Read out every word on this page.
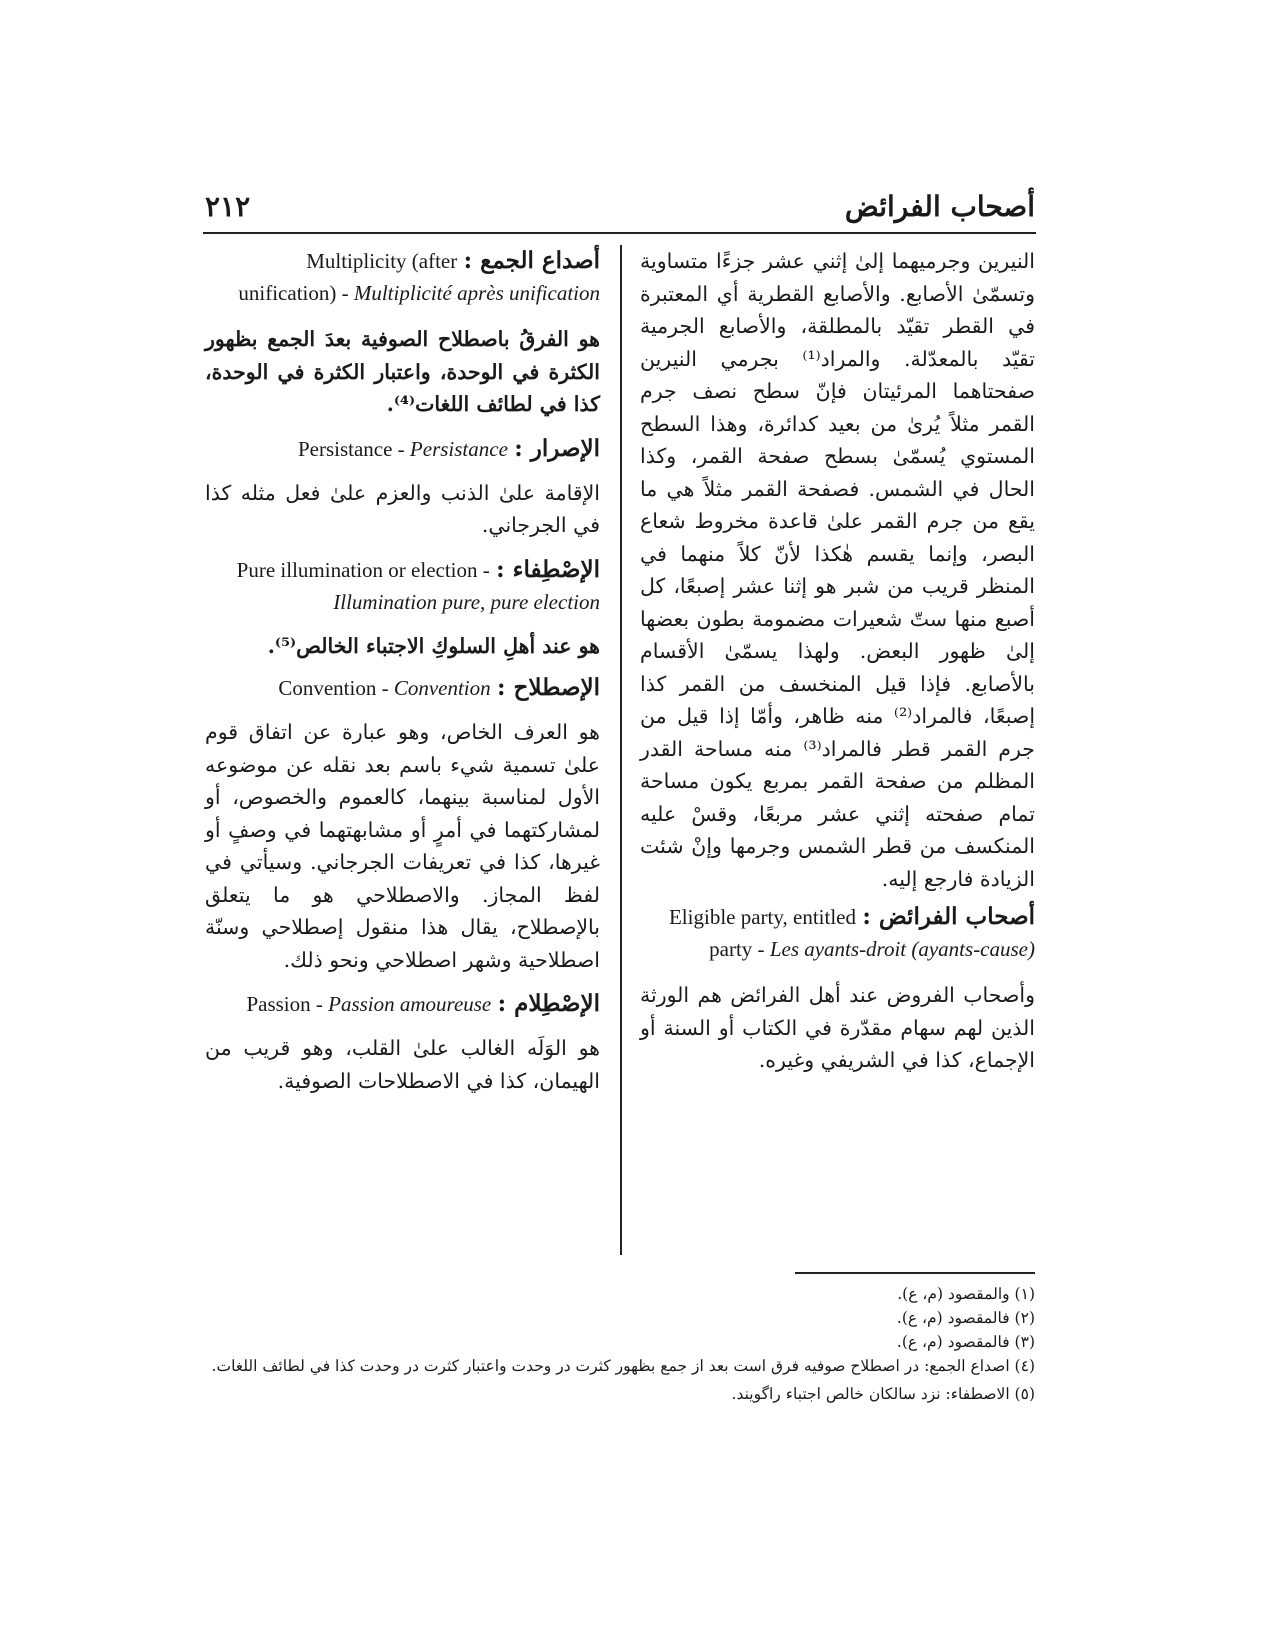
أصحاب الفرائض
٢١٢
النيرين وجرميهما إلىٰ إثني عشر جزءًا متساوية وتسمّىٰ الأصابع. والأصابع القطرية أي المعتبرة في القطر تقيّد بالمطلقة، والأصابع الجرمية تقيّد بالمعدّلة. والمراد⁽¹⁾ بجرمي النيرين صفحتاهما المرئيتان فإنّ سطح نصف جرم القمر مثلاً يُرىٰ من بعيد كدائرة، وهذا السطح المستوي يُسمّىٰ بسطح صفحة القمر، وكذا الحال في الشمس. فصفحة القمر مثلاً هي ما يقع من جرم القمر علىٰ قاعدة مخروط شعاع البصر، وإنما يقسم هٰكذا لأنّ كلاً منهما في المنظر قريب من شبر هو إثنا عشر إصبعًا، كل أصبع منها ستّ شعيرات مضمومة بطون بعضها إلىٰ ظهور البعض. ولهذا يسمّىٰ الأقسام بالأصابع. فإذا قيل المنخسف من القمر كذا إصبعًا، فالمراد⁽²⁾ منه ظاهر، وأمّا إذا قيل من جرم القمر قطر فالمراد⁽³⁾ منه مساحة القدر المظلم من صفحة القمر بمربع يكون مساحة تمام صفحته إثني عشر مربعًا، وقسْ عليه المنكسف من قطر الشمس وجرمها وإنْ شئت الزيادة فارجع إليه.
أصحاب الفرائض : Eligible party, entitled party - Les ayants-droit (ayants-cause)
وأصحاب الفروض عند أهل الفرائض هم الورثة الذين لهم سهام مقدّرة في الكتاب أو السنة أو الإجماع، كذا في الشريفي وغيره.
أصداع الجمع : Multiplicity (after unification) - Multiplicité après unification
هو الفرقُ باصطلاح الصوفية بعدَ الجمع بظهور الكثرة في الوحدة، واعتبار الكثرة في الوحدة، كذا في لطائف اللغات⁽⁴⁾.
الإصرار : Persistance - Persistance
الإقامة علىٰ الذنب والعزم علىٰ فعل مثله كذا في الجرجاني.
الإصْطِفاء : Pure illumination or election - Illumination pure, pure election
هو عند أهلِ السلوكِ الاجتباء الخالص⁽⁵⁾.
الإصطلاح : Convention - Convention
هو العرف الخاص، وهو عبارة عن اتفاق قوم علىٰ تسمية شيء باسم بعد نقله عن موضوعه الأول لمناسبة بينهما، كالعموم والخصوص، أو لمشاركتهما في أمرٍ أو مشابهتهما في وصفٍ أو غيرها، كذا في تعريفات الجرجاني. وسيأتي في لفظ المجاز. والاصطلاحي هو ما يتعلق بالإصطلاح، يقال هذا منقول إصطلاحي وسنّة اصطلاحية وشهر اصطلاحي ونحو ذلك.
الإصْطِلام : Passion - Passion amoureuse
هو الوَلَه الغالب علىٰ القلب، وهو قريب من الهيمان، كذا في الاصطلاحات الصوفية.
(١) والمقصود (م، ع).
(٢) فالمقصود (م، ع).
(٣) فالمقصود (م، ع).
(٤) اصداع الجمع: در اصطلاح صوفيه فرق است بعد از جمع بظهور كثرت در وحدت واعتبار كثرت در وحدت كذا في لطائف اللغات.
(٥) الاصطفاء: نزد سالكان خالص اجتباء راگويند.
